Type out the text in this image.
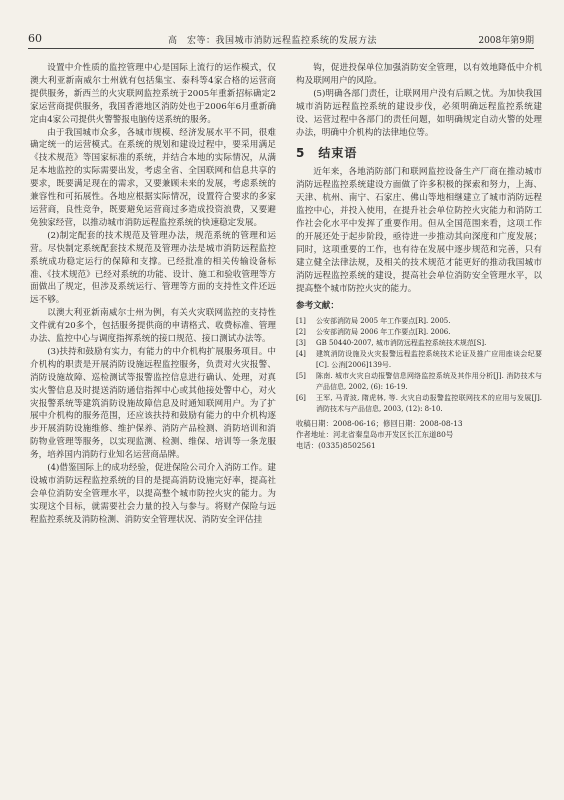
60	高　宏等：我国城市消防远程监控系统的发展方法	2008年第9期

设置中介性质的监控管理中心是国际上流行的运作模式，仅澳大利亚新南威尔士州就有包括集宝、泰科等4家合格的运营商提供服务，新西兰的火灾联网监控系统于2005年重新招标确定2家运营商提供服务，我国香港地区消防处也于2006年6月重新确定由4家公司提供火警警报电脑传送系统的服务。

由于我国城市众多，各城市规模、经济发展水平不同，很难确定统一的运营模式。在系统的规划和建设过程中，要采用满足《技术规范》等国家标准的系统，并结合本地的实际情况，从满足本地监控的实际需要出发，考虑全省、全国联网和信息共享的要求，既要满足现在的需求，又要兼顾未来的发展，考虑系统的兼容性和可拓展性。各地应根据实际情况，设置符合要求的多家运营商，良性竞争，既要避免运营商过多造成投资浪费，又要避免独家经营，以推动城市消防远程监控系统的快速稳定发展。

(2)制定配套的技术规范及管理办法，规范系统的管理和运营。尽快制定系统配套技术规范及管理办法是城市消防远程监控系统成功稳定运行的保障和支撑。已经批准的相关传输设备标准、《技术规范》已经对系统的功能、设计、施工和验收管理等方面做出了规定，但涉及系统运行、管理等方面的支持性文件还远远不够。

以澳大利亚新南威尔士州为例，有关火灾联网监控的支持性文件就有20多个，包括服务提供商的申请格式、收费标准、管理办法、监控中心与调度指挥系统的接口规范、接口测试办法等。

(3)扶持和鼓励有实力，有能力的中介机构扩展服务项目。中介机构的职责是开展消防设施远程监控服务，负责对火灾报警、消防设施故障、巡检测试等报警监控信息进行确认、处理，对真实火警信息及时提送消防通信指挥中心或其他接处警中心，对火灾报警系统等建筑消防设施故障信息及时通知联网用户。为了扩展中介机构的服务范围，还应该扶持和鼓励有能力的中介机构逐步开展消防设施维修、维护保养、消防产品检测、消防培训和消防物业管理等服务，以实现监测、检测、维保、培训等一条龙服务，培养国内消防行业知名运营商品牌。

(4)借鉴国际上的成功经验，促进保险公司介入消防工作。建设城市消防远程监控系统的目的是提高消防设施完好率，提高社会单位消防安全管理水平，以提高整个城市防控火灾的能力。为实现这个目标，就需要社会力量的投入与参与。将财产保险与远程监控系统及消防检测、消防安全管理状况、消防安全评估挂

钩，促进投保单位加强消防安全管理，以有效地降低中介机构及联网用户的风险。

(5)明确各部门责任，让联网用户没有后顾之忧。为加快我国城市消防远程监控系统的建设步伐，必须明确远程监控系统建设、运营过程中各部门的责任问题，如明确规定自动火警的处理办法，明确中介机构的法律地位等。

5　结束语

近年来，各地消防部门和联网监控设备生产厂商在推动城市消防远程监控系统建设方面做了许多积极的探索和努力，上海、天津、杭州、南宁、石家庄、佛山等地相继建立了城市消防远程监控中心，并投入使用，在提升社会单位防控火灾能力和消防工作社会化水平中发挥了重要作用。但从全国范围来看，这项工作的开展还处于起步阶段，亟待进一步推动其向深度和广度发展；同时，这项重要的工作，也有待在发展中逐步规范和完善，只有建立健全法律法规，及相关的技术规范才能更好的推动我国城市消防远程监控系统的建设，提高社会单位消防安全管理水平，以提高整个城市防控火灾的能力。

参考文献：
[1]	公安部消防局 2005 年工作要点[R]. 2005.
[2]	公安部消防局 2006 年工作要点[R]. 2006.
[3]	GB 50440-2007, 城市消防远程监控系统技术规范[S].
[4]	建筑消防设施及火灾报警远程监控系统技术论证及推广应用座谈会纪要[C]. 公消[2006]139号.
[5]	陈南. 城市火灾自动报警信息网络监控系统及其作用分析[J]. 消防技术与产品信息, 2002, (6): 16-19.
[6]	王军, 马青波, 隋虎林, 等. 火灾自动报警监控联网技术的应用与发展[J]. 消防技术与产品信息, 2003, (12): 8-10.
收稿日期：2008-06-16；修回日期：2008-08-13
作者地址：河北省秦皇岛市开发区长江东道80号
电话：(0335)8502561
